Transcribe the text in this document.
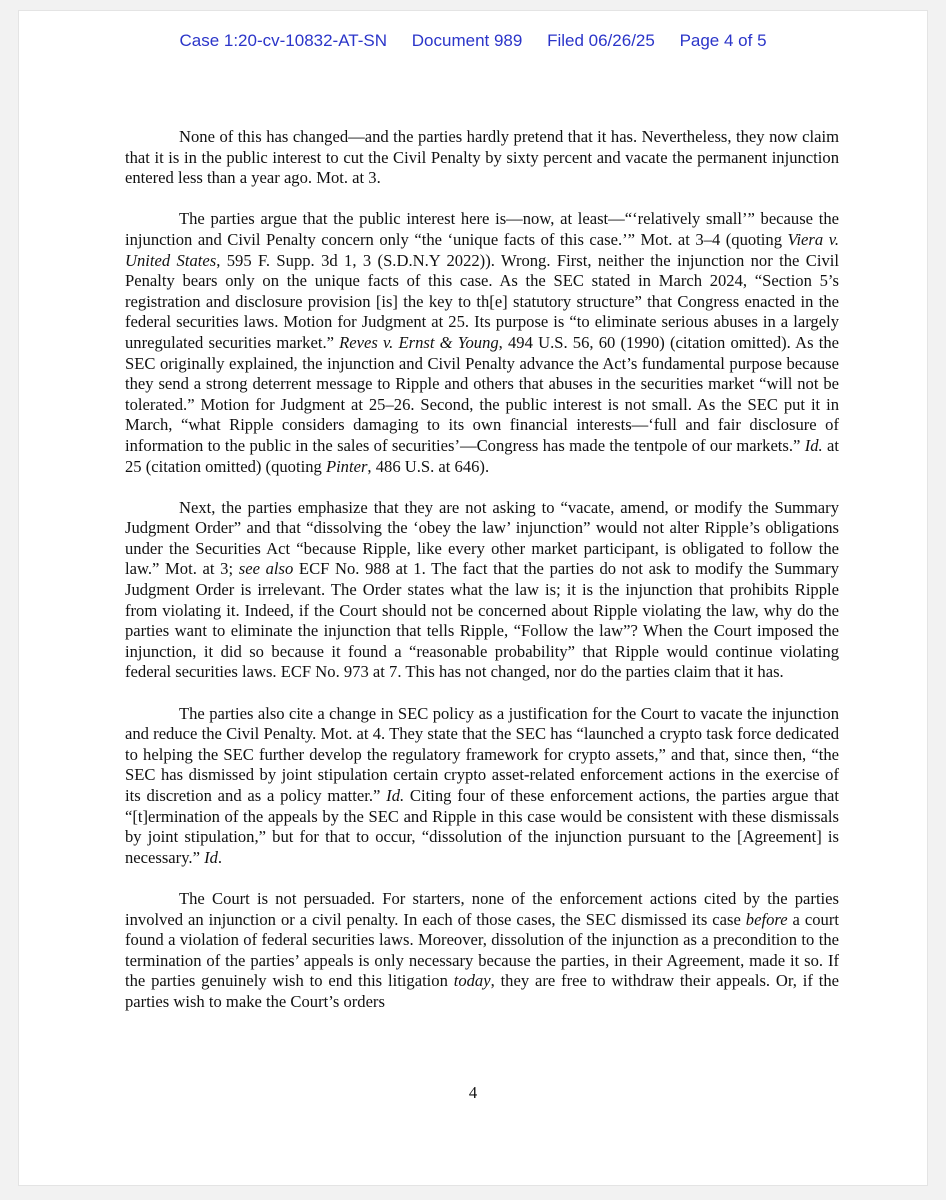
Case 1:20-cv-10832-AT-SN Document 989 Filed 06/26/25 Page 4 of 5

None of this has changed—and the parties hardly pretend that it has. Nevertheless, they now claim that it is in the public interest to cut the Civil Penalty by sixty percent and vacate the permanent injunction entered less than a year ago. Mot. at 3.

The parties argue that the public interest here is—now, at least—“‘relatively small’” because the injunction and Civil Penalty concern only “the ‘unique facts of this case.’” Mot. at 3–4 (quoting Viera v. United States, 595 F. Supp. 3d 1, 3 (S.D.N.Y 2022)). Wrong. First, neither the injunction nor the Civil Penalty bears only on the unique facts of this case. As the SEC stated in March 2024, “Section 5’s registration and disclosure provision [is] the key to th[e] statutory structure” that Congress enacted in the federal securities laws. Motion for Judgment at 25. Its purpose is “to eliminate serious abuses in a largely unregulated securities market.” Reves v. Ernst & Young, 494 U.S. 56, 60 (1990) (citation omitted). As the SEC originally explained, the injunction and Civil Penalty advance the Act’s fundamental purpose because they send a strong deterrent message to Ripple and others that abuses in the securities market “will not be tolerated.” Motion for Judgment at 25–26. Second, the public interest is not small. As the SEC put it in March, “what Ripple considers damaging to its own financial interests—‘full and fair disclosure of information to the public in the sales of securities’—Congress has made the tentpole of our markets.” Id. at 25 (citation omitted) (quoting Pinter, 486 U.S. at 646).

Next, the parties emphasize that they are not asking to “vacate, amend, or modify the Summary Judgment Order” and that “dissolving the ‘obey the law’ injunction” would not alter Ripple’s obligations under the Securities Act “because Ripple, like every other market participant, is obligated to follow the law.” Mot. at 3; see also ECF No. 988 at 1. The fact that the parties do not ask to modify the Summary Judgment Order is irrelevant. The Order states what the law is; it is the injunction that prohibits Ripple from violating it. Indeed, if the Court should not be concerned about Ripple violating the law, why do the parties want to eliminate the injunction that tells Ripple, “Follow the law”? When the Court imposed the injunction, it did so because it found a “reasonable probability” that Ripple would continue violating federal securities laws. ECF No. 973 at 7. This has not changed, nor do the parties claim that it has.

The parties also cite a change in SEC policy as a justification for the Court to vacate the injunction and reduce the Civil Penalty. Mot. at 4. They state that the SEC has “launched a crypto task force dedicated to helping the SEC further develop the regulatory framework for crypto assets,” and that, since then, “the SEC has dismissed by joint stipulation certain crypto asset-related enforcement actions in the exercise of its discretion and as a policy matter.” Id. Citing four of these enforcement actions, the parties argue that “[t]ermination of the appeals by the SEC and Ripple in this case would be consistent with these dismissals by joint stipulation,” but for that to occur, “dissolution of the injunction pursuant to the [Agreement] is necessary.” Id.

The Court is not persuaded. For starters, none of the enforcement actions cited by the parties involved an injunction or a civil penalty. In each of those cases, the SEC dismissed its case before a court found a violation of federal securities laws. Moreover, dissolution of the injunction as a precondition to the termination of the parties’ appeals is only necessary because the parties, in their Agreement, made it so. If the parties genuinely wish to end this litigation today, they are free to withdraw their appeals. Or, if the parties wish to make the Court’s orders

4
